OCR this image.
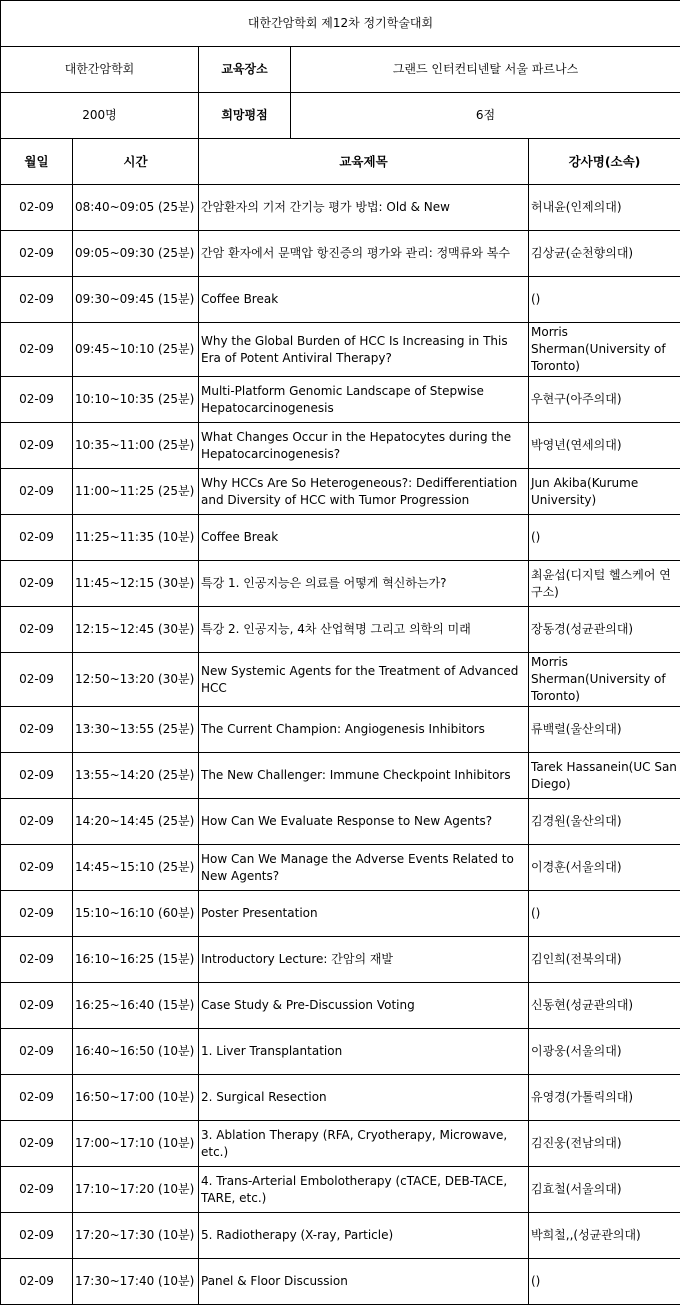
대한간암학회 제12차 정기학술대회			
대한간암학회		교육장소 그랜드 인터컨티넨탈 서울 파르나스	

200명		희망평점 6점	

월일	시간	교육제목	강사명(소속)
02-09	08:40~09:05 (25분)	간암환자의 기저 간기능 평가 방법: Old & New	허내윤(인제의대)
02-09	09:05~09:30 (25분)	간암 환자에서 문맥압 항진증의 평가와 관리: 정맥류와 복수	김상균(순천향의대)
02-09	09:30~09:45 (15분)	Coffee Break	()
02-09	09:45~10:10 (25분)	Why the Global Burden of HCC Is Increasing in This Era of Potent Antiviral Therapy?	Morris Sherman(University of Toronto)
02-09	10:10~10:35 (25분)	Multi-Platform Genomic Landscape of Stepwise Hepatocarcinogenesis	우현구(아주의대)
02-09	10:35~11:00 (25분)	What Changes Occur in the Hepatocytes during the Hepatocarcinogenesis?	박영년(연세의대)
02-09	11:00~11:25 (25분)	Why HCCs Are So Heterogeneous?: Dedifferentiation and Diversity of HCC with Tumor Progression	Jun Akiba(Kurume University)
02-09	11:25~11:35 (10분)	Coffee Break	()
02-09	11:45~12:15 (30분)	특강 1. 인공지능은 의료를 어떻게 혁신하는가?	최윤섭(디지털 헬스케어 연구소)
02-09	12:15~12:45 (30분)	특강 2. 인공지능, 4차 산업혁명 그리고 의학의 미래	장동경(성균관의대)
02-09	12:50~13:20 (30분)	New Systemic Agents for the Treatment of Advanced HCC	Morris Sherman(University of Toronto)
02-09	13:30~13:55 (25분)	The Current Champion: Angiogenesis Inhibitors	류백렬(울산의대)
02-09	13:55~14:20 (25분)	The New Challenger: Immune Checkpoint Inhibitors	Tarek Hassanein(UC San Diego)
02-09	14:20~14:45 (25분)	How Can We Evaluate Response to New Agents?	김경원(울산의대)
02-09	14:45~15:10 (25분)	How Can We Manage the Adverse Events Related to New Agents?	이경훈(서울의대)
02-09	15:10~16:10 (60분)	Poster Presentation	()
02-09	16:10~16:25 (15분)	Introductory Lecture: 간암의 재발	김인희(전북의대)
02-09	16:25~16:40 (15분)	Case Study & Pre-Discussion Voting	신동현(성균관의대)
02-09	16:40~16:50 (10분)	1. Liver Transplantation	이광웅(서울의대)
02-09	16:50~17:00 (10분)	2. Surgical Resection	유영경(가톨릭의대)
02-09	17:00~17:10 (10분)	3. Ablation Therapy (RFA, Cryotherapy, Microwave, etc.)	김진웅(전남의대)
02-09	17:10~17:20 (10분)	4. Trans-Arterial Embolotherapy (cTACE, DEB-TACE, TARE, etc.)	김효철(서울의대)
02-09	17:20~17:30 (10분)	5. Radiotherapy (X-ray, Particle)	박희철,,(성균관의대)
02-09	17:30~17:40 (10분)	Panel & Floor Discussion	()
